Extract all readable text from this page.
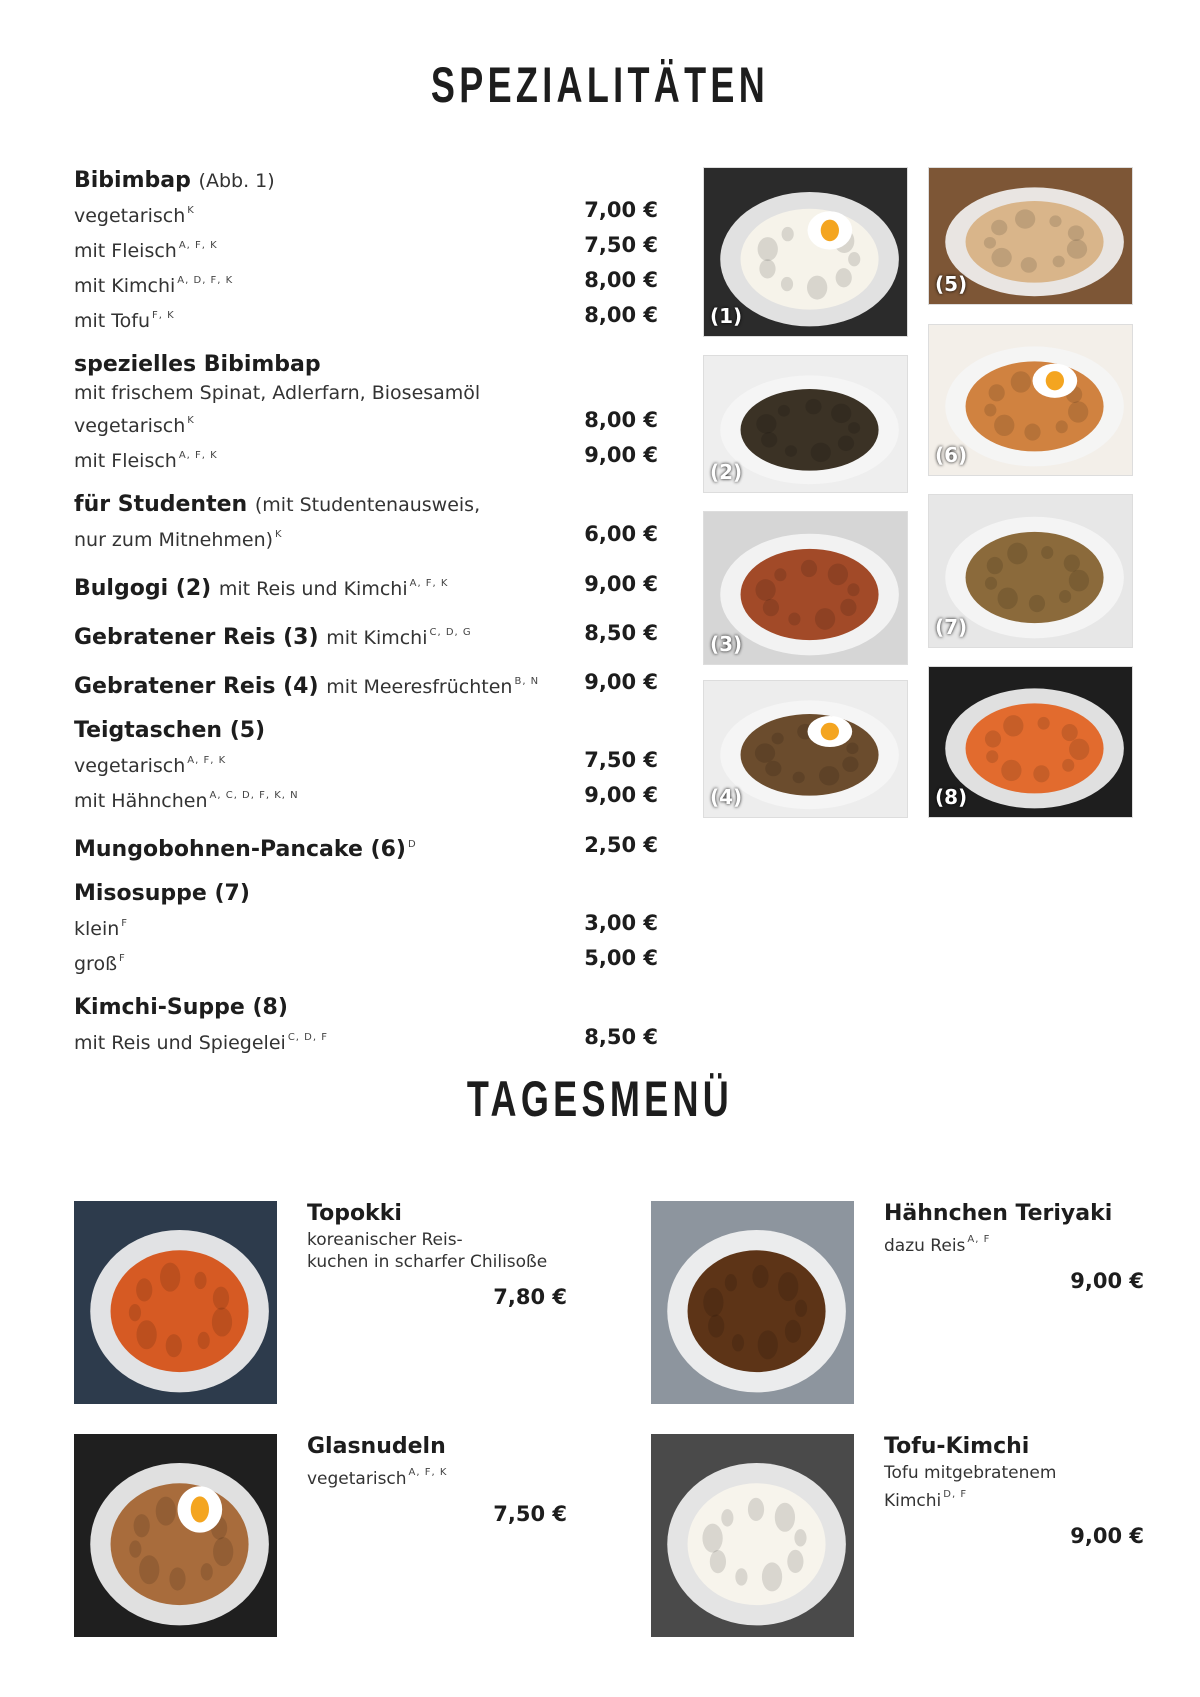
SPEZIALITÄTEN
Bibimbap (Abb. 1)
vegetarisch $^K$	7,00 €
mit Fleisch $^{A, F, K}$	7,50 €
mit Kimchi $^{A, D, F, K}$	8,00 €
mit Tofu $^{F, K}$	8,00 €
spezielles Bibimbap
mit frischem Spinat, Adlerfarn, Biosesamöl
vegetarisch $^K$	8,00 €
mit Fleisch $^{A, F, K}$	9,00 €
für Studenten (mit Studentenausweis,
nur zum Mitnehmen) $^K$	6,00 €
Bulgogi (2) mit Reis und Kimchi $^{A, F, K}$	9,00 €
Gebratener Reis (3) mit Kimchi $^{C, D, G}$	8,50 €
Gebratener Reis (4) mit Meeresfrüchten $^{B, N}$ 9,00 €
Teigtaschen (5)
vegetarisch $^{A, F, K}$	7,50 €
mit Hähnchen $^{A, C, D, F, K, N}$	9,00 €
Mungobohnen-Pancake (6) $^D$	2,50 €
Misosuppe (7)
klein $^F$	3,00 €
groß $^F$	5,00 €
Kimchi-Suppe (8)
mit Reis und Spiegelei $^{C, D, F}$	8,50 €
(1)
(5)
(2)
(6)
(3)
(7)
(4)	(8)
TAGESMENÜ
Topokki
koreanischer Reis-
kuchen in scharfer Chilisoße
7,80 €
Hähnchen Teriyaki
dazu Reis $^{A, F}$
9,00 €
Glasnudeln
vegetarisch $^{A, F, K}$
7,50 €
Tofu-Kimchi
Tofu mitgebratenem
Kimchi $^{D, F}$
9,00 €
